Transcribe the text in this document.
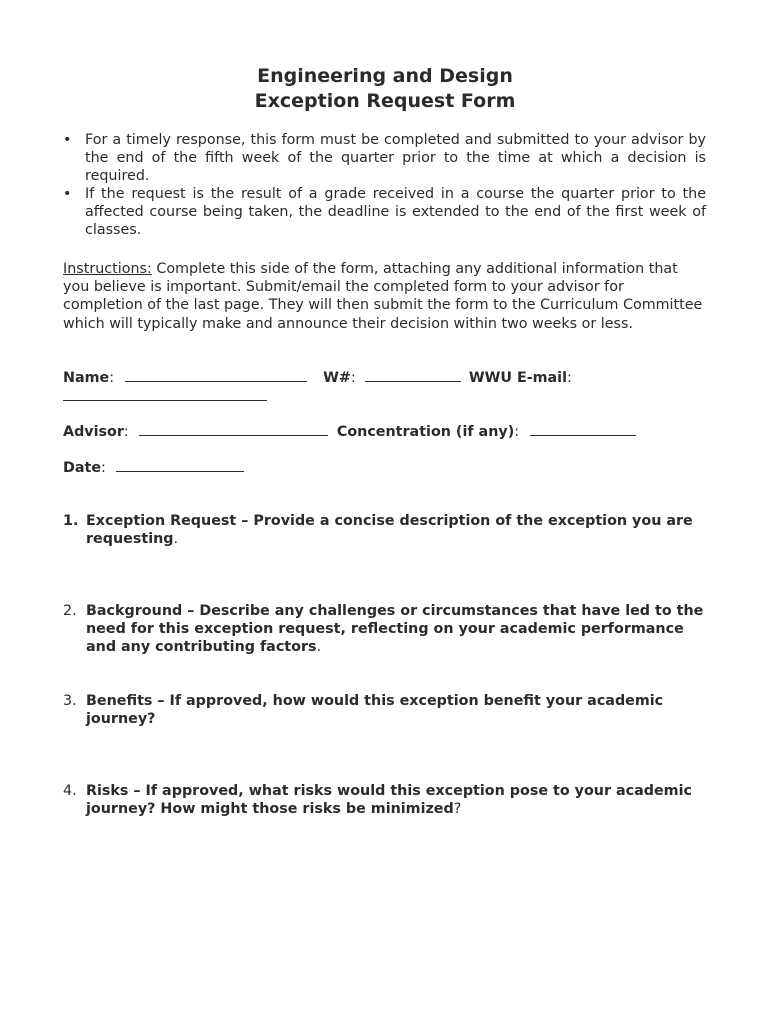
Engineering and Design
Exception Request Form
• For a timely response, this form must be completed and submitted to your advisor by the end of the fifth week of the quarter prior to the time at which a decision is required.
• If the request is the result of a grade received in a course the quarter prior to the affected course being taken, the deadline is extended to the end of the first week of classes.
Instructions: Complete this side of the form, attaching any additional information that you believe is important. Submit/email the completed form to your advisor for completion of the last page. They will then submit the form to the Curriculum Committee which will typically make and announce their decision within two weeks or less.
Name:	W#:	WWU E-mail:
Advisor:	Concentration (if any):
Date:
1. Exception Request – Provide a concise description of the exception you are requesting.
2. Background – Describe any challenges or circumstances that have led to the need for this exception request, reflecting on your academic performance and any contributing factors.
3. Benefits – If approved, how would this exception benefit your academic journey?
4. Risks – If approved, what risks would this exception pose to your academic journey? How might those risks be minimized?
